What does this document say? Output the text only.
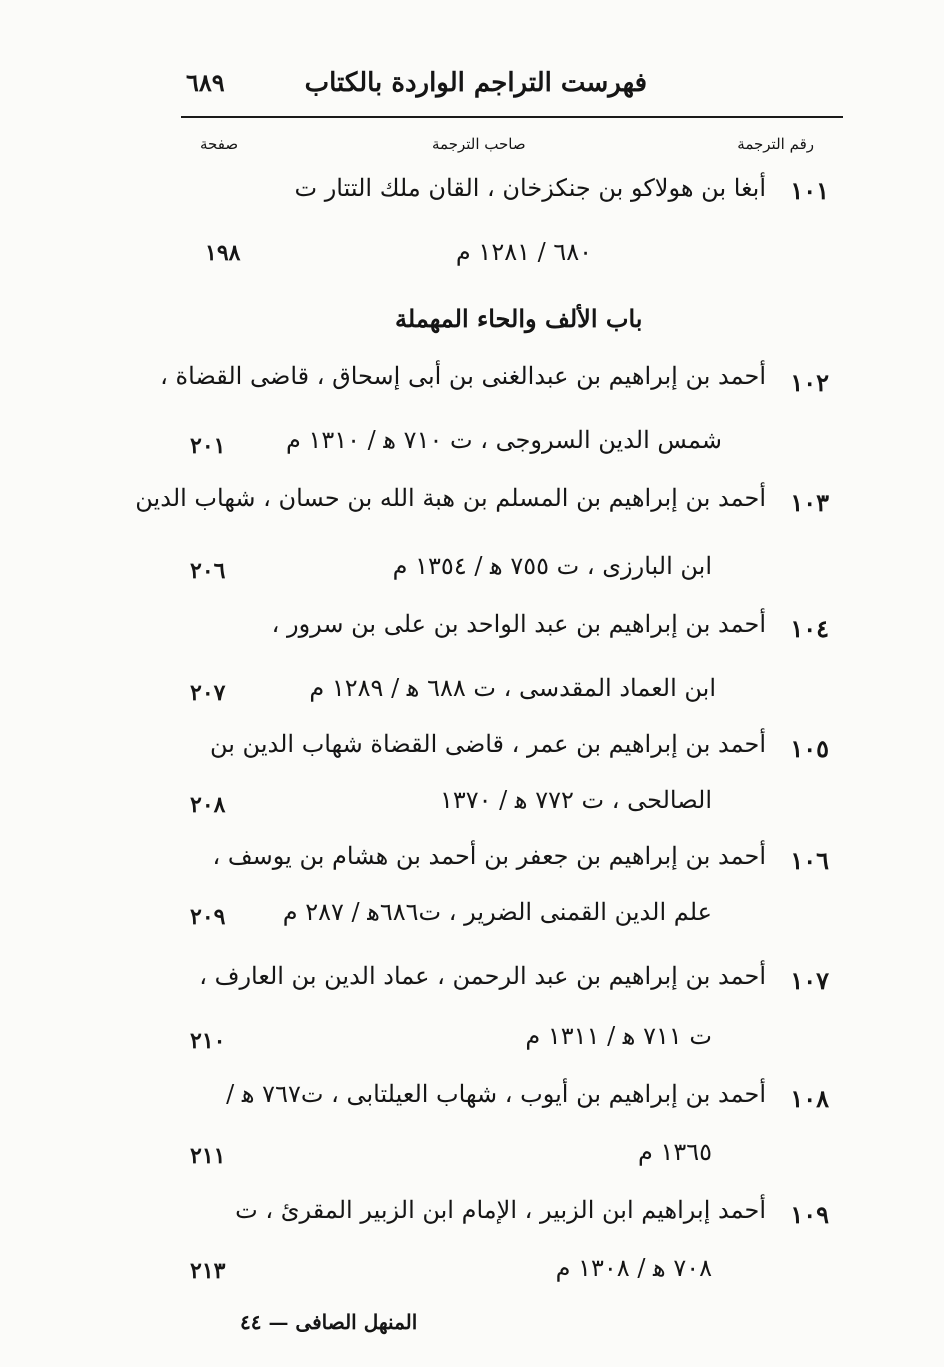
فهرست التراجم الواردة بالكتاب
٦٨٩
رقم الترجمة
صاحب الترجمة
صفحة
١٠١
أبغا بن هولاكو بن جنكزخان ، القان ملك التتار ت
٦٨٠ / ١٢٨١ م
١٩٨
باب الألف والحاء المهملة
١٠٢
أحمد بن إبراهيم بن عبدالغنى بن أبى إسحاق ، قاضى القضاة ،
شمس الدين السروجى ، ت ٧١٠ ﻫ / ١٣١٠ م
٢٠١
١٠٣
أحمد بن إبراهيم بن المسلم بن هبة الله بن حسان ، شهاب الدين
ابن البارزى ، ت ٧٥٥ ﻫ / ١٣٥٤ م
٢٠٦
١٠٤
أحمد بن إبراهيم بن عبد الواحد بن على بن سرور ،
ابن العماد المقدسى ، ت ٦٨٨ ﻫ / ١٢٨٩ م
٢٠٧
١٠٥
أحمد بن إبراهيم بن عمر ، قاضى القضاة شهاب الدين بن
الصالحى ، ت ٧٧٢ ﻫ / ١٣٧٠
٢٠٨
١٠٦
أحمد بن إبراهيم بن جعفر بن أحمد بن هشام بن يوسف ،
علم الدين القمنى الضرير ، ت٦٨٦ﻫ / ٢٨٧ م
٢٠٩
١٠٧
أحمد بن إبراهيم بن عبد الرحمن ، عماد الدين بن العارف ،
ت ٧١١ ﻫ / ١٣١١ م
٢١٠
١٠٨
أحمد بن إبراهيم بن أيوب ، شهاب العيلتابى ، ت٧٦٧ ﻫ /
١٣٦٥ م
٢١١
١٠٩
أحمد إبراهيم ابن الزبير ، الإمام ابن الزبير المقرئ ، ت
٧٠٨ ﻫ / ١٣٠٨ م
٢١٣
المنهل الصافى — ٤٤
